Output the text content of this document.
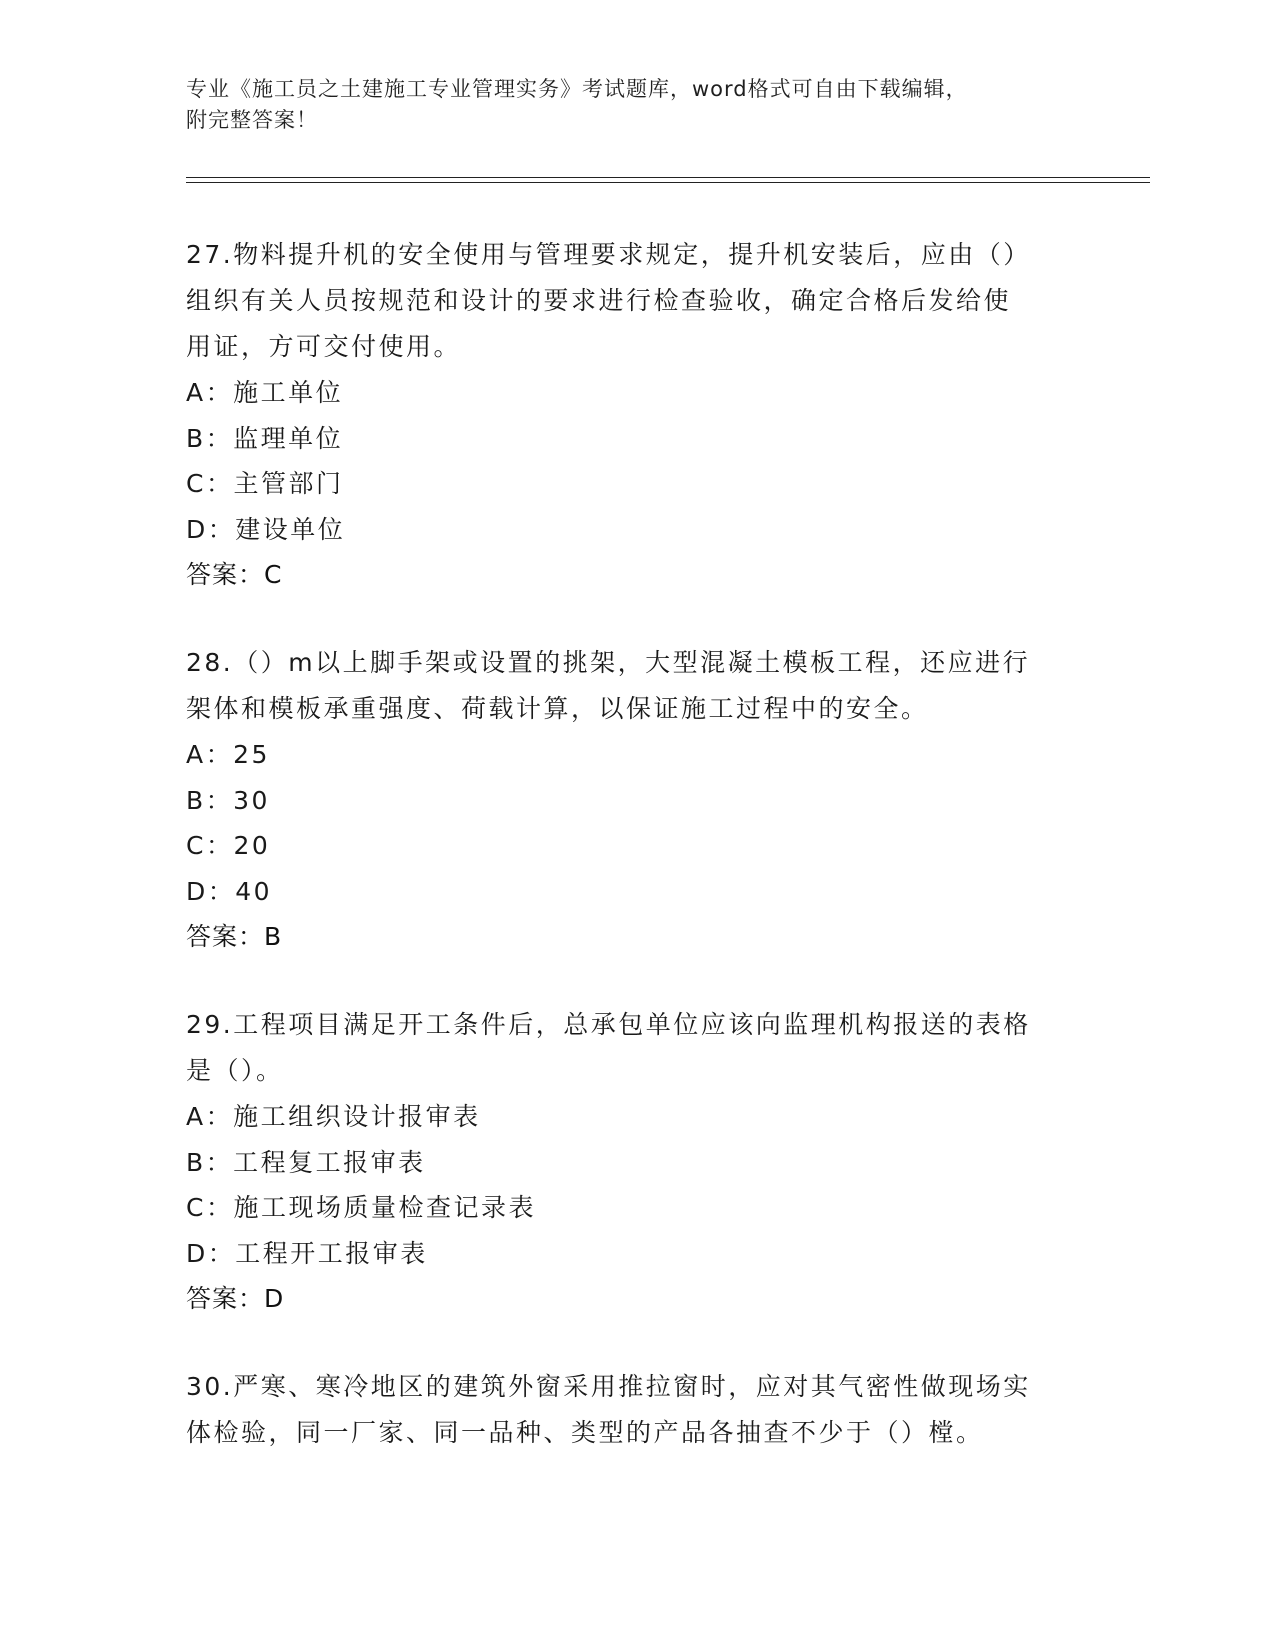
专业《施工员之土建施工专业管理实务》考试题库，word格式可自由下载编辑，
附完整答案！
27.物料提升机的安全使用与管理要求规定，提升机安装后，应由（）
组织有关人员按规范和设计的要求进行检查验收，确定合格后发给使
用证，方可交付使用。
A：施工单位
B：监理单位
C：主管部门
D：建设单位
答案：C
28.（）m以上脚手架或设置的挑架，大型混凝土模板工程，还应进行
架体和模板承重强度、荷载计算，以保证施工过程中的安全。
A：25
B：30
C：20
D：40
答案：B
29.工程项目满足开工条件后，总承包单位应该向监理机构报送的表格
是（）。
A：施工组织设计报审表
B：工程复工报审表
C：施工现场质量检查记录表
D：工程开工报审表
答案：D
30.严寒、寒冷地区的建筑外窗采用推拉窗时，应对其气密性做现场实
体检验，同一厂家、同一品种、类型的产品各抽查不少于（）樘。
